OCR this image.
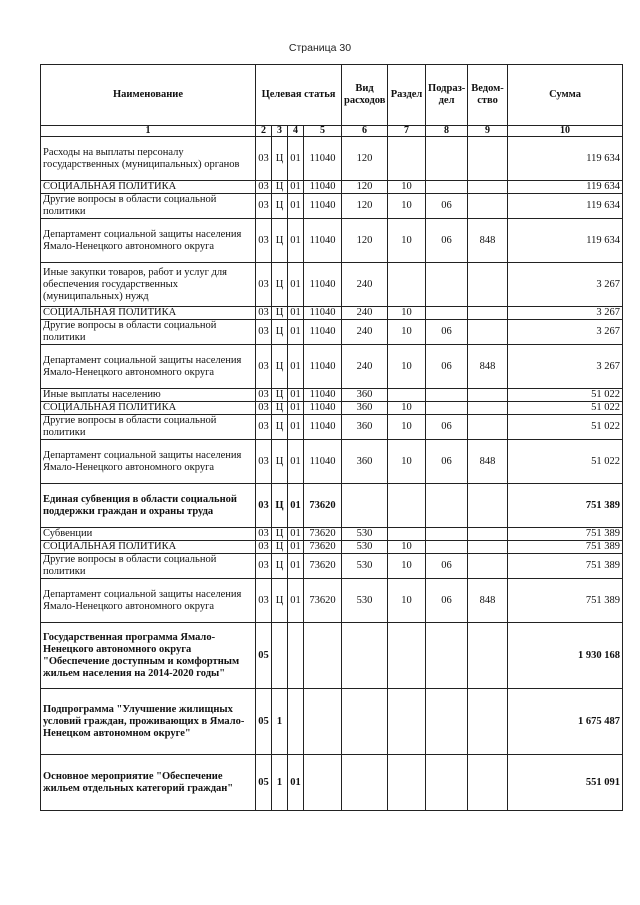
Страница 30
Наименование	Целевая статья				Вид расходов	Раздел	Подраз-дел	Ведом-ство	Сумма
1	2	3	4	5	6	7	8	9	10
Расходы на выплаты персоналу государственных (муниципальных) органов	03	Ц	01	11040	120				119 634
СОЦИАЛЬНАЯ ПОЛИТИКА	03	Ц	01	11040	120	10			119 634
Другие вопросы в области социальной политики	03	Ц	01	11040	120	10	06		119 634
Департамент социальной защиты населения Ямало-Ненецкого автономного округа	03	Ц	01	11040	120	10	06	848	119 634
Иные закупки товаров, работ и услуг для обеспечения государственных (муниципальных) нужд	03	Ц	01	11040	240				3 267
СОЦИАЛЬНАЯ ПОЛИТИКА	03	Ц	01	11040	240	10			3 267
Другие вопросы в области социальной политики	03	Ц	01	11040	240	10	06		3 267
Департамент социальной защиты населения Ямало-Ненецкого автономного округа	03	Ц	01	11040	240	10	06	848	3 267
Иные выплаты населению	03	Ц	01	11040	360				51 022
СОЦИАЛЬНАЯ ПОЛИТИКА	03	Ц	01	11040	360	10			51 022
Другие вопросы в области социальной политики	03	Ц	01	11040	360	10	06		51 022
Департамент социальной защиты населения Ямало-Ненецкого автономного округа	03	Ц	01	11040	360	10	06	848	51 022
Единая субвенция в области социальной поддержки граждан и охраны труда	03	Ц	01	73620					751 389
Субвенции	03	Ц	01	73620	530				751 389
СОЦИАЛЬНАЯ ПОЛИТИКА	03	Ц	01	73620	530	10			751 389
Другие вопросы в области социальной политики	03	Ц	01	73620	530	10	06		751 389
Департамент социальной защиты населения Ямало-Ненецкого автономного округа	03	Ц	01	73620	530	10	06	848	751 389
Государственная программа Ямало-Ненецкого автономного округа "Обеспечение доступным и комфортным жильем населения на 2014-2020 годы"	05								1 930 168
Подпрограмма "Улучшение жилищных условий граждан, проживающих в Ямало-Ненецком автономном округе"	05	1							1 675 487
Основное мероприятие "Обеспечение жильем отдельных категорий граждан"	05	1	01						551 091
